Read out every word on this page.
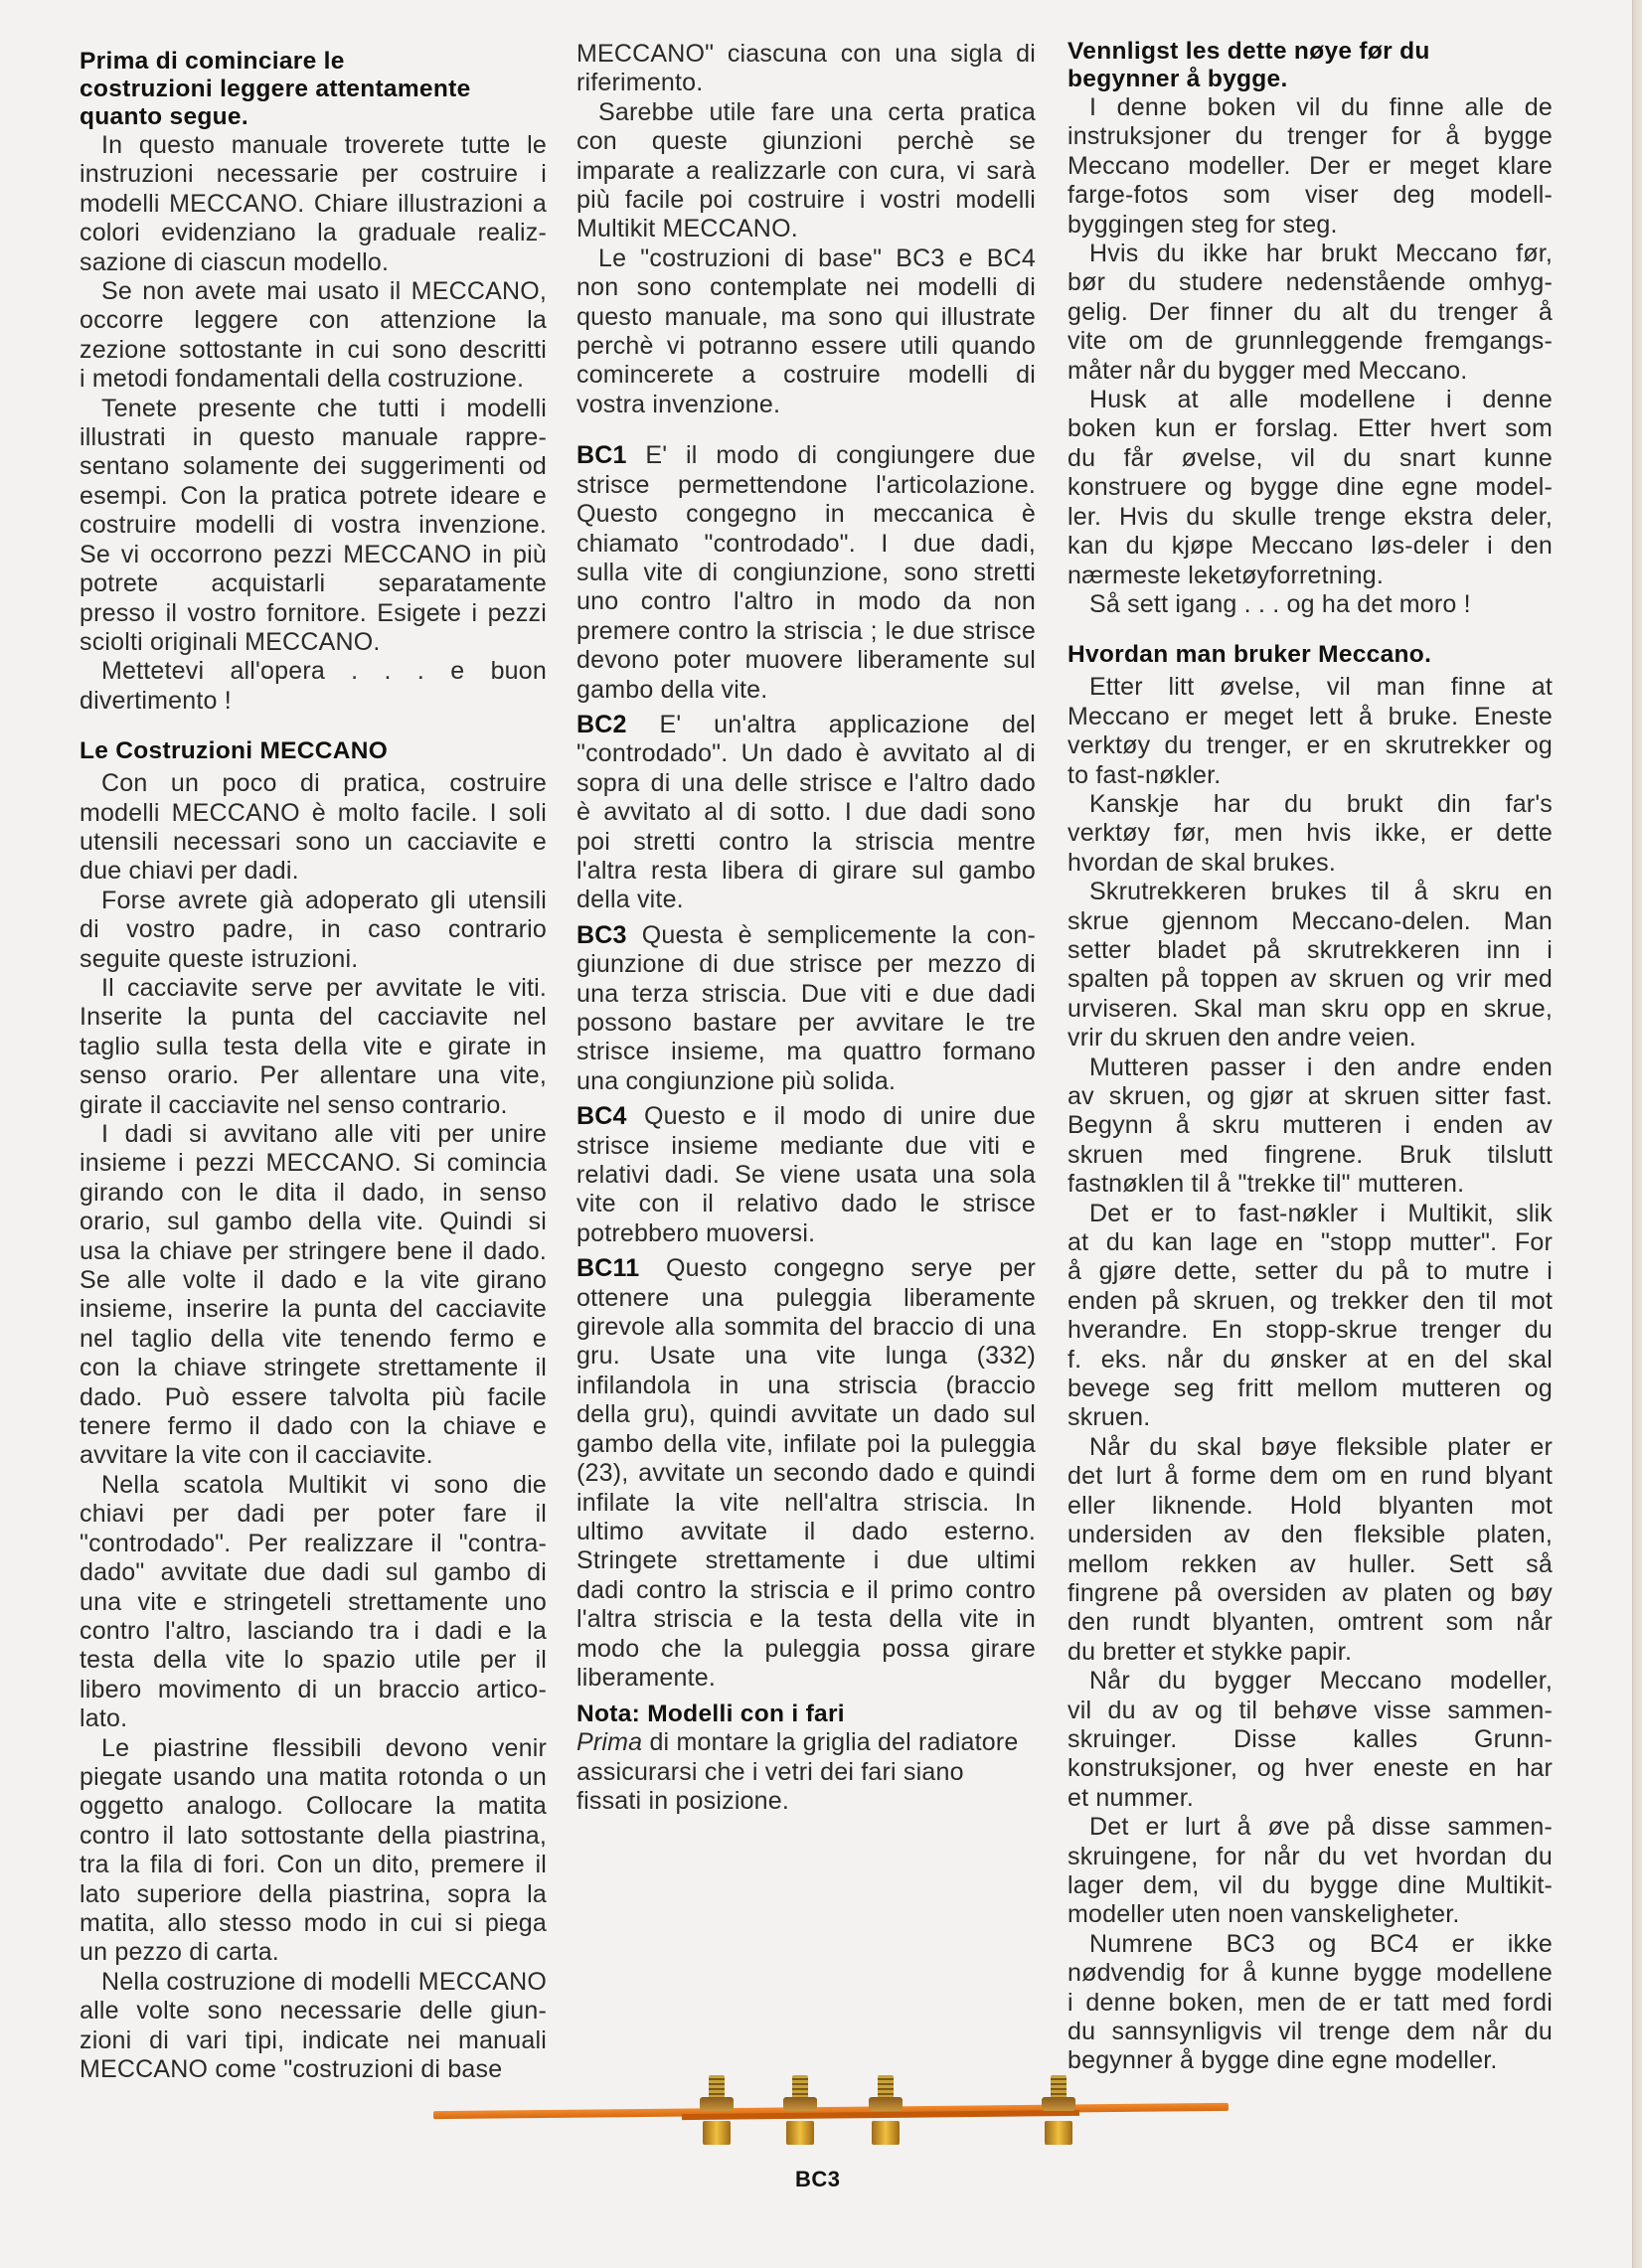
Prima di cominciare le
costruzioni leggere attentamente
quanto segue.
In questo manuale troverete tutte le
instruzioni necessarie per costruire i
modelli MECCANO. Chiare illustrazioni a
colori evidenziano la graduale realiz-
sazione di ciascun modello.
Se non avete mai usato il MECCANO,
occorre leggere con attenzione la
zezione sottostante in cui sono descritti
i metodi fondamentali della costruzione.
Tenete presente che tutti i modelli
illustrati in questo manuale rappre-
sentano solamente dei suggerimenti od
esempi. Con la pratica potrete ideare e
costruire modelli di vostra invenzione.
Se vi occorrono pezzi MECCANO in più
potrete acquistarli separatamente
presso il vostro fornitore. Esigete i pezzi
sciolti originali MECCANO.
Mettetevi all'opera . . . e buon
divertimento !
Le Costruzioni MECCANO
Con un poco di pratica, costruire
modelli MECCANO è molto facile. I soli
utensili necessari sono un cacciavite e
due chiavi per dadi.
Forse avrete già adoperato gli utensili
di vostro padre, in caso contrario
seguite queste istruzioni.
Il cacciavite serve per avvitate le viti.
Inserite la punta del cacciavite nel
taglio sulla testa della vite e girate in
senso orario. Per allentare una vite,
girate il cacciavite nel senso contrario.
I dadi si avvitano alle viti per unire
insieme i pezzi MECCANO. Si comincia
girando con le dita il dado, in senso
orario, sul gambo della vite. Quindi si
usa la chiave per stringere bene il dado.
Se alle volte il dado e la vite girano
insieme, inserire la punta del cacciavite
nel taglio della vite tenendo fermo e
con la chiave stringete strettamente il
dado. Può essere talvolta più facile
tenere fermo il dado con la chiave e
avvitare la vite con il cacciavite.
Nella scatola Multikit vi sono die
chiavi per dadi per poter fare il
"controdado". Per realizzare il "contra-
dado" avvitate due dadi sul gambo di
una vite e stringeteli strettamente uno
contro l'altro, lasciando tra i dadi e la
testa della vite lo spazio utile per il
libero movimento di un braccio artico-
lato.
Le piastrine flessibili devono venir
piegate usando una matita rotonda o un
oggetto analogo. Collocare la matita
contro il lato sottostante della piastrina,
tra la fila di fori. Con un dito, premere il
lato superiore della piastrina, sopra la
matita, allo stesso modo in cui si piega
un pezzo di carta.
Nella costruzione di modelli MECCANO
alle volte sono necessarie delle giun-
zioni di vari tipi, indicate nei manuali
MECCANO come "costruzioni di base
MECCANO" ciascuna con una sigla di
riferimento.
Sarebbe utile fare una certa pratica
con queste giunzioni perchè se
imparate a realizzarle con cura, vi sarà
più facile poi costruire i vostri modelli
Multikit MECCANO.
Le "costruzioni di base" BC3 e BC4
non sono contemplate nei modelli di
questo manuale, ma sono qui illustrate
perchè vi potranno essere utili quando
comincerete a costruire modelli di
vostra invenzione.
BC1 E' il modo di congiungere due
strisce permettendone l'articolazione.
Questo congegno in meccanica è
chiamato "controdado". I due dadi,
sulla vite di congiunzione, sono stretti
uno contro l'altro in modo da non
premere contro la striscia ; le due strisce
devono poter muovere liberamente sul
gambo della vite.
BC2 E' un'altra applicazione del
"controdado". Un dado è avvitato al di
sopra di una delle strisce e l'altro dado
è avvitato al di sotto. I due dadi sono
poi stretti contro la striscia mentre
l'altra resta libera di girare sul gambo
della vite.
BC3 Questa è semplicemente la con-
giunzione di due strisce per mezzo di
una terza striscia. Due viti e due dadi
possono bastare per avvitare le tre
strisce insieme, ma quattro formano
una congiunzione più solida.
BC4 Questo e il modo di unire due
strisce insieme mediante due viti e
relativi dadi. Se viene usata una sola
vite con il relativo dado le strisce
potrebbero muoversi.
BC11 Questo congegno serye per
ottenere una puleggia liberamente
girevole alla sommita del braccio di una
gru. Usate una vite lunga (332)
infilandola in una striscia (braccio
della gru), quindi avvitate un dado sul
gambo della vite, infilate poi la puleggia
(23), avvitate un secondo dado e quindi
infilate la vite nell'altra striscia. In
ultimo avvitate il dado esterno.
Stringete strettamente i due ultimi
dadi contro la striscia e il primo contro
l'altra striscia e la testa della vite in
modo che la puleggia possa girare
liberamente.
Nota: Modelli con i fari
Prima di montare la griglia del radiatore
assicurarsi che i vetri dei fari siano
fissati in posizione.
Vennligst les dette nøye før du
begynner å bygge.
I denne boken vil du finne alle de
instruksjoner du trenger for å bygge
Meccano modeller. Der er meget klare
farge-fotos som viser deg modell-
byggingen steg for steg.
Hvis du ikke har brukt Meccano før,
bør du studere nedenstående omhyg-
gelig. Der finner du alt du trenger å
vite om de grunnleggende fremgangs-
måter når du bygger med Meccano.
Husk at alle modellene i denne
boken kun er forslag. Etter hvert som
du får øvelse, vil du snart kunne
konstruere og bygge dine egne model-
ler. Hvis du skulle trenge ekstra deler,
kan du kjøpe Meccano løs-deler i den
nærmeste leketøyforretning.
Så sett igang . . . og ha det moro !
Hvordan man bruker Meccano.
Etter litt øvelse, vil man finne at
Meccano er meget lett å bruke. Eneste
verktøy du trenger, er en skrutrekker og
to fast-nøkler.
Kanskje har du brukt din far's
verktøy før, men hvis ikke, er dette
hvordan de skal brukes.
Skrutrekkeren brukes til å skru en
skrue gjennom Meccano-delen. Man
setter bladet på skrutrekkeren inn i
spalten på toppen av skruen og vrir med
urviseren. Skal man skru opp en skrue,
vrir du skruen den andre veien.
Mutteren passer i den andre enden
av skruen, og gjør at skruen sitter fast.
Begynn å skru mutteren i enden av
skruen med fingrene. Bruk tilslutt
fastnøklen til å "trekke til" mutteren.
Det er to fast-nøkler i Multikit, slik
at du kan lage en "stopp mutter". For
å gjøre dette, setter du på to mutre i
enden på skruen, og trekker den til mot
hverandre. En stopp-skrue trenger du
f. eks. når du ønsker at en del skal
bevege seg fritt mellom mutteren og
skruen.
Når du skal bøye fleksible plater er
det lurt å forme dem om en rund blyant
eller liknende. Hold blyanten mot
undersiden av den fleksible platen,
mellom rekken av huller. Sett så
fingrene på oversiden av platen og bøy
den rundt blyanten, omtrent som når
du bretter et stykke papir.
Når du bygger Meccano modeller,
vil du av og til behøve visse sammen-
skruinger. Disse kalles Grunn-
konstruksjoner, og hver eneste en har
et nummer.
Det er lurt å øve på disse sammen-
skruingene, for når du vet hvordan du
lager dem, vil du bygge dine Multikit-
modeller uten noen vanskeligheter.
Numrene BC3 og BC4 er ikke
nødvendig for å kunne bygge modellene
i denne boken, men de er tatt med fordi
du sannsynligvis vil trenge dem når du
begynner å bygge dine egne modeller.
BC3
